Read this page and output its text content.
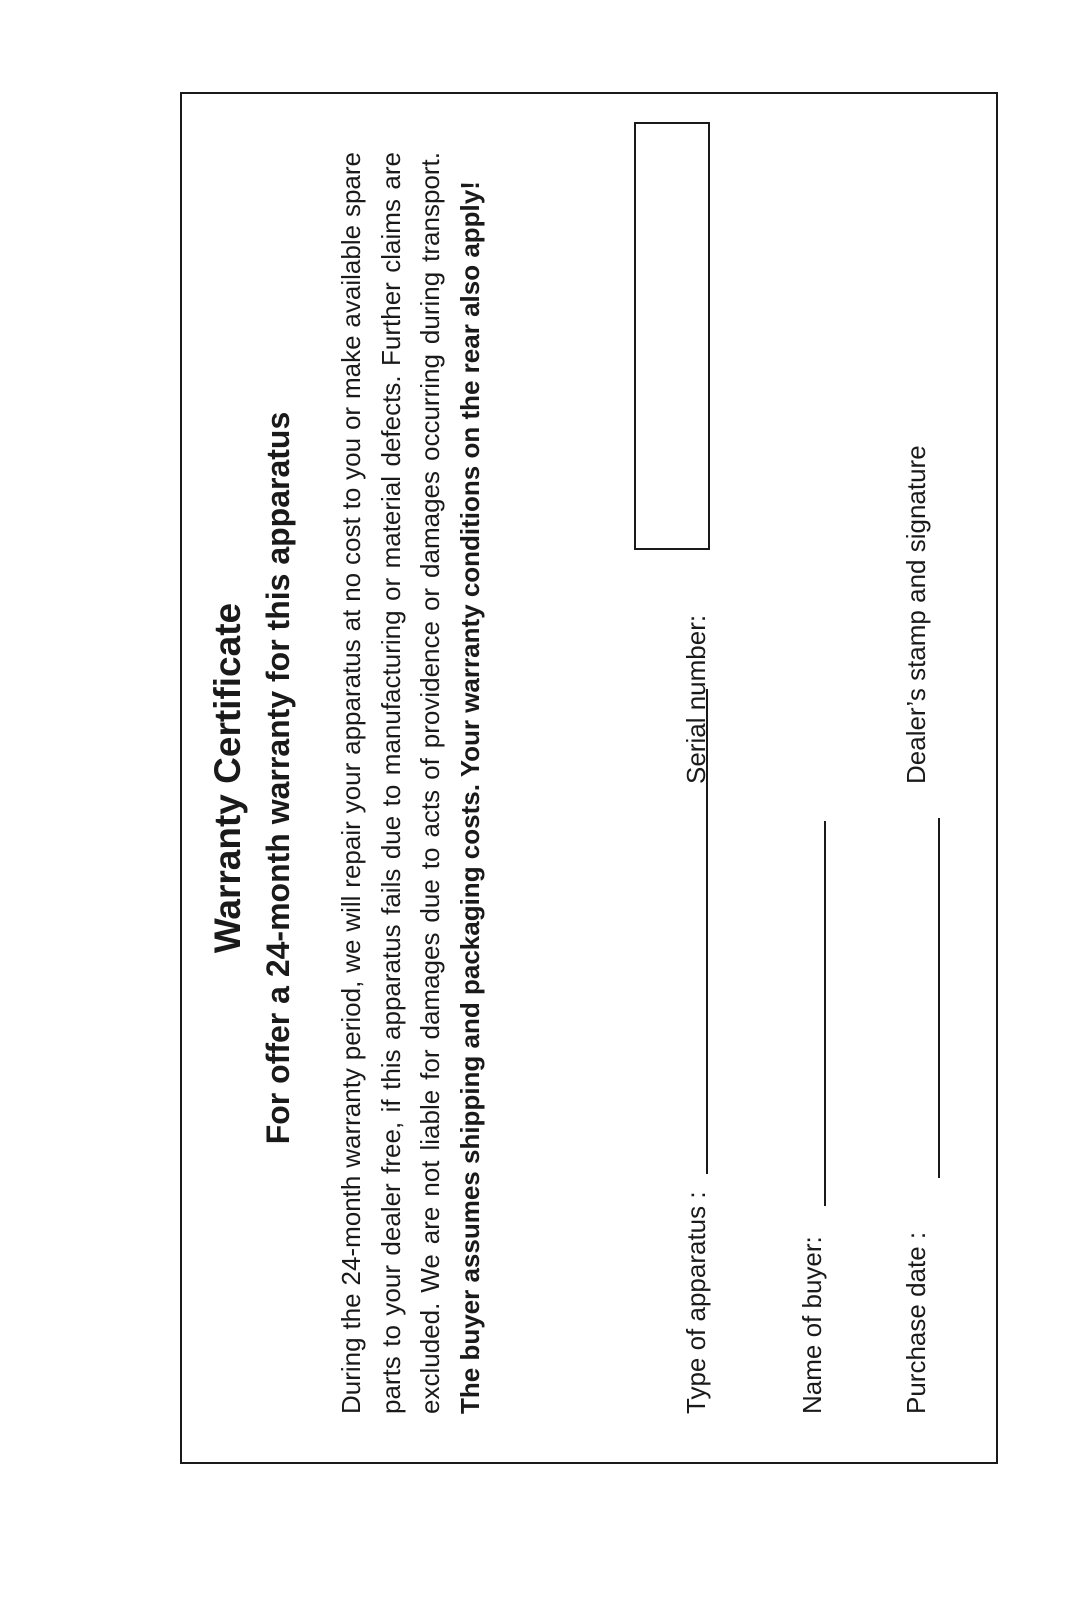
Warranty Certificate For offer a 24-month warranty for this apparatus During the 24-month warranty period, we will repair your apparatus at no cost to you or make available spare parts to your dealer free, if this apparatus fails due to manufacturing or material defects. Further claims are excluded. We are not liable for damages due to acts of providence or damages occurring during transport. The buyer assumes shipping and packaging costs. Your warranty conditions on the rear also apply!	Type of apparatus :
Serial number:
Name of buyer:	Purchase date :
Dealer’s stamp and signature
